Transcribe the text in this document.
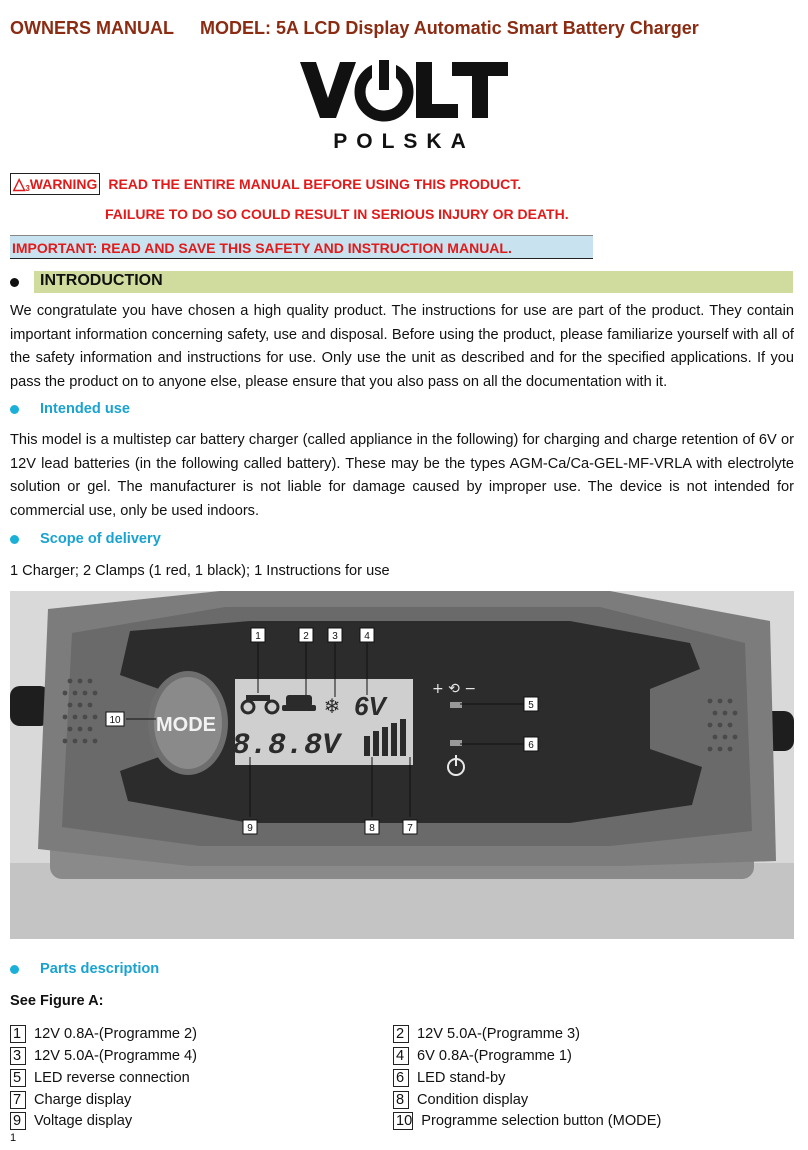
OWNERS MANUAL MODEL: 5A LCD Display Automatic Smart Battery Charger
POLSKA
△3WARNING READ THE ENTIRE MANUAL BEFORE USING THIS PRODUCT.
FAILURE TO DO SO COULD RESULT IN SERIOUS INJURY OR DEATH.
IMPORTANT: READ AND SAVE THIS SAFETY AND INSTRUCTION MANUAL.
INTRODUCTION
We congratulate you have chosen a high quality product. The instructions for use are part of the product. They contain important information concerning safety, use and disposal. Before using the product, please familiarize yourself with all of the safety information and instructions for use. Only use the unit as described and for the specified applications. If you pass the product on to anyone else, please ensure that you also pass on all the documentation with it.
Intended use
This model is a multistep car battery charger (called appliance in the following) for charging and charge retention of 6V or 12V lead batteries (in the following called battery). These may be the types AGM-Ca/Ca-GEL-MF-VRLA with electrolyte solution or gel. The manufacturer is not liable for damage caused by improper use. The device is not intended for commercial use, only be used indoors.
Scope of delivery
1 Charger; 2 Clamps (1 red, 1 black); 1 Instructions for use
MODE
❄ 6V
8.8.8V
+ ⟲ −
1	2 3	4
5
6
7
8
9
10
Parts description
See Figure A:
1 12V 0.8A-(Programme 2)	2 12V 5.0A-(Programme 3)
3 12V 5.0A-(Programme 4)	4 6V 0.8A-(Programme 1)
5 LED reverse connection	6 LED stand-by
7 Charge display	8 Condition display
9 Voltage display	10 Programme selection button (MODE)
1
